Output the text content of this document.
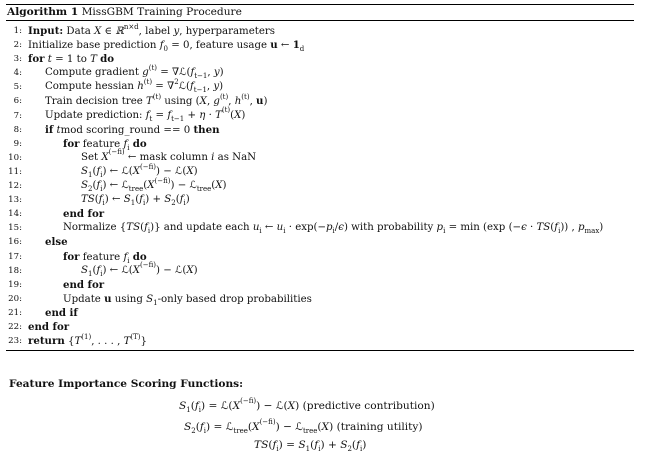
Algorithm 1 MissGBM Training Procedure
1: Input: Data X ∈ ℝ$^{n\times d}$, label y, hyperparameters
2: Initialize base prediction $f_0 = 0$, feature usage u ← $1_d$
3: for t = 1 to T do
4: Compute gradient $g^{(t)}$ = $\nabla ℒ(f_{t-1}$, y)
5: Compute hessian $h^{(t)}$ = $\nabla^2ℒ(f_{t-1}$, y)
6: Train decision tree $T^{(t)}$ using (X, $g^{(t)}$, $h^{(t)}$, u)
7: Update prediction: $f_t = f_{t-1} + \eta \cdot T^{(t)}(X)$
8: if tmod scoring_round == 0 then
9:	for feature $f_i$ do
10:	Set $X^{(-fi)}$ ← mask column i as NaN
11:	$S_1(f_i)$ ← $ℒ(X^{(-fi)})$ − ℒ(X)
12:	$S_2(f_i)$ ← $ℒ_{tree}(X^{(-fi)})$ − ℒ$_{tree}$(X)
13:	$TS(f_i)$ ← $S_1(f_i) + S_2(f_i)$
14:	end for
15:	Normalize $\{TS(f_i)\}$ and update each $u_i$ ← $u_i \cdot \exp(-p_i/\epsilon)$ with probability $p_i = \min (\exp$ $(-\epsilon \cdot TS(f_i))$ , $p_{max}$)
16: else
17:	for feature $f_i$ do
18:	$S_1(f_i)$ ← $ℒ(X^{(-fi)})$ − ℒ(X)
19:	end for
20:	Update u using $S_1$-only based drop probabilities
21: end if
22: end for
23: return {$T^{(1)}$, . . . , $T^{(T)}$}
Feature Importance Scoring Functions:
$S_1(f_i)$ = $ℒ(X^{(-fi)})$ − ℒ(X) (predictive contribution)
$S_2(f_i)$ = $ℒ_{tree}(X^{(-fi)})$ − ℒ$_{tree}$(X) (training utility)
$TS(f_i) = S_1(f_i) + S_2(f_i)$
